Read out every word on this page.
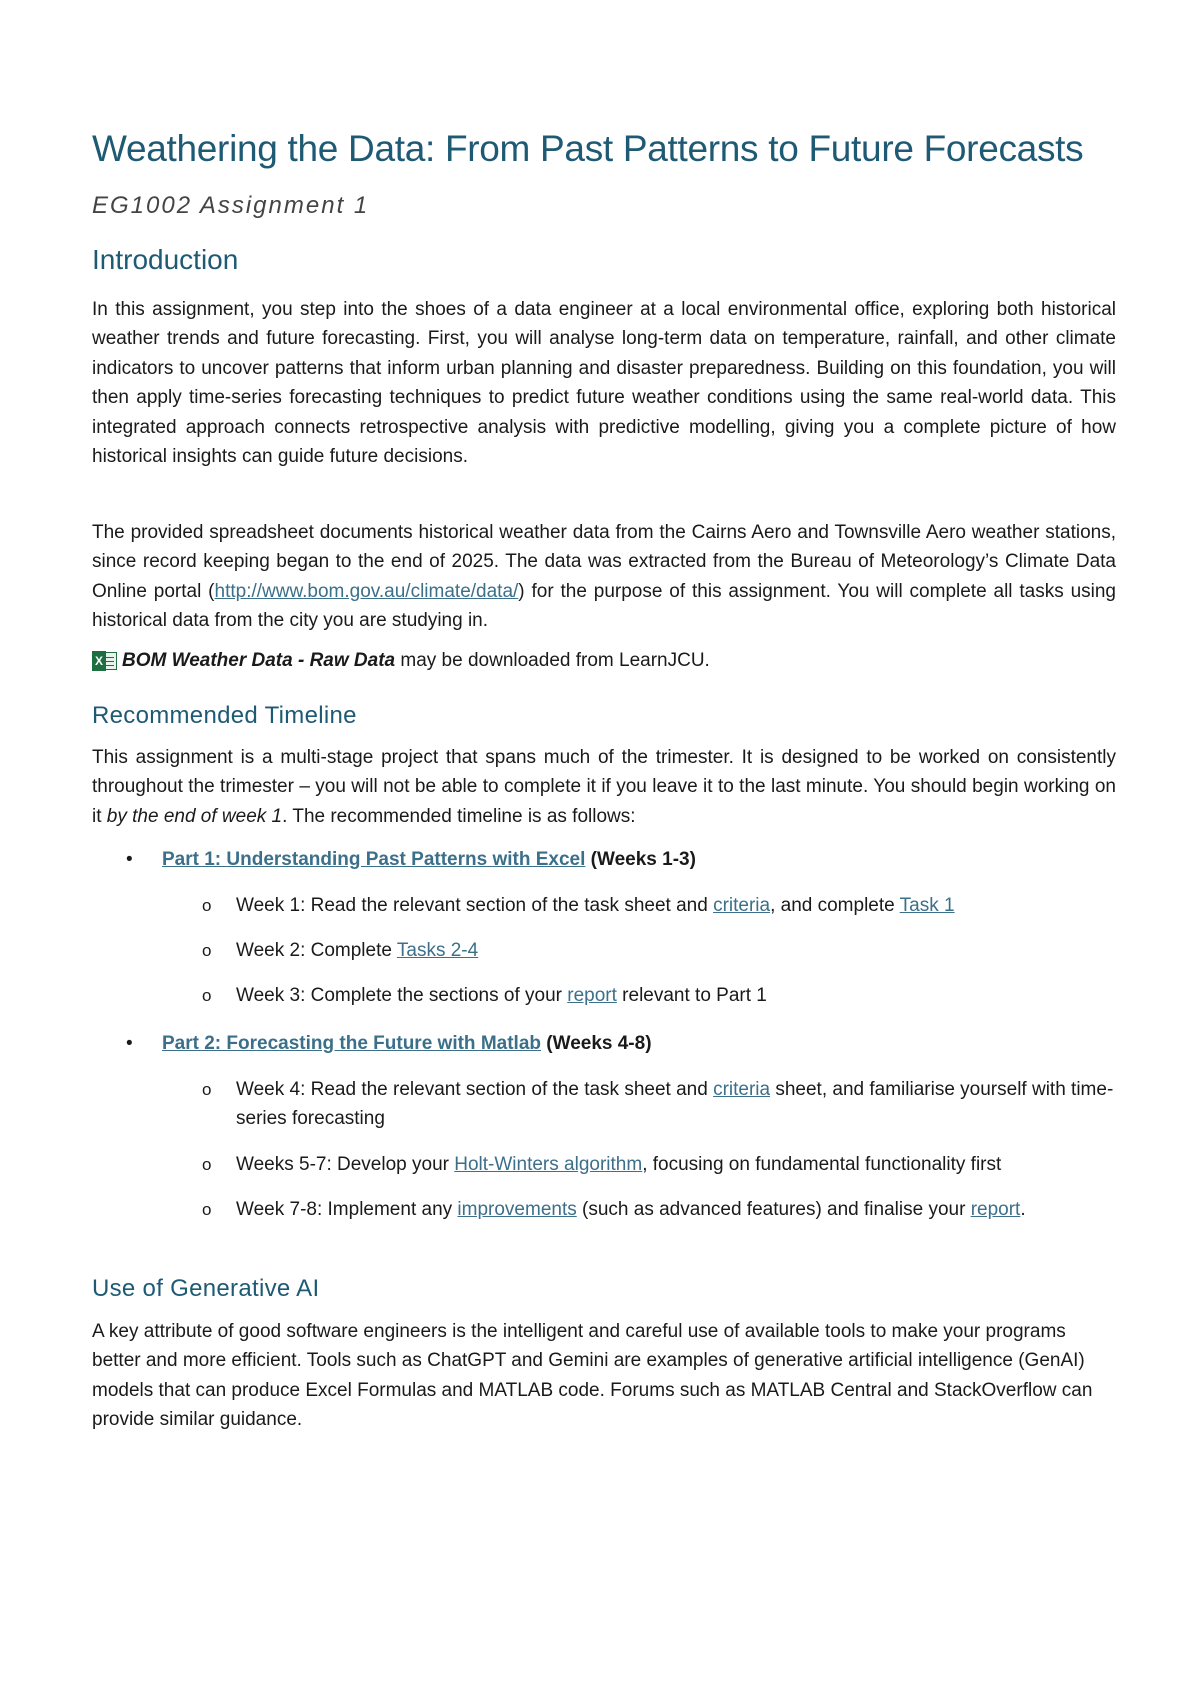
Weathering the Data: From Past Patterns to Future Forecasts
EG1002 Assignment 1
Introduction

In this assignment, you step into the shoes of a data engineer at a local environmental office, exploring both historical weather trends and future forecasting. First, you will analyse long-term data on temperature, rainfall, and other climate indicators to uncover patterns that inform urban planning and disaster preparedness. Building on this foundation, you will then apply time-series forecasting techniques to predict future weather conditions using the same real-world data. This integrated approach connects retrospective analysis with predictive modelling, giving you a complete picture of how historical insights can guide future decisions.

The provided spreadsheet documents historical weather data from the Cairns Aero and Townsville Aero weather stations, since record keeping began to the end of 2025. The data was extracted from the Bureau of Meteorology’s Climate Data Online portal (http://www.bom.gov.au/climate/data/) for the purpose of this assignment. You will complete all tasks using historical data from the city you are studying in.

X BOM Weather Data - Raw Data may be downloaded from LearnJCU.
Recommended Timeline

This assignment is a multi-stage project that spans much of the trimester. It is designed to be worked on consistently throughout the trimester – you will not be able to complete it if you leave it to the last minute. You should begin working on it by the end of week 1. The recommended timeline is as follows:

•	Part 1: Understanding Past Patterns with Excel (Weeks 1-3)
o Week 1: Read the relevant section of the task sheet and criteria, and complete Task 1
o Week 2: Complete Tasks 2-4
o Week 3: Complete the sections of your report relevant to Part 1
•	Part 2: Forecasting the Future with Matlab (Weeks 4-8)
o Week 4: Read the relevant section of the task sheet and criteria sheet, and familiarise yourself with time-series forecasting
o Weeks 5-7: Develop your Holt-Winters algorithm, focusing on fundamental functionality first
o Week 7-8: Implement any improvements (such as advanced features) and finalise your report.
Use of Generative AI

A key attribute of good software engineers is the intelligent and careful use of available tools to make your programs better and more efficient. Tools such as ChatGPT and Gemini are examples of generative artificial intelligence (GenAI) models that can produce Excel Formulas and MATLAB code. Forums such as MATLAB Central and StackOverflow can provide similar guidance.
